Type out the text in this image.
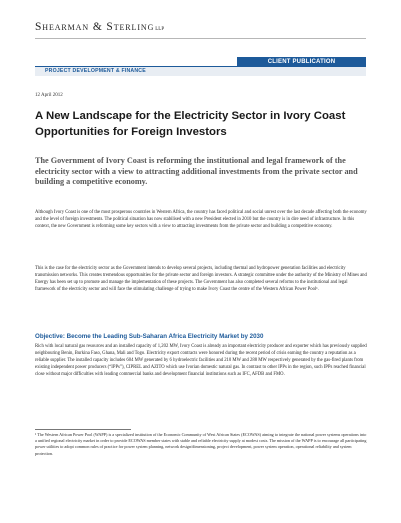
Shearman & SterlingLLP
CLIENT PUBLICATION
PROJECT DEVELOPMENT & FINANCE
12 April 2012
A New Landscape for the Electricity Sector in Ivory Coast Opportunities for Foreign Investors

The Government of Ivory Coast is reforming the institutional and legal framework of the electricity sector with a view to attracting additional investments from the private sector and building a competitive economy.

Although Ivory Coast is one of the most prosperous countries in Western Africa, the country has faced political and social unrest over the last decade affecting both the economy and the level of foreign investments. The political situation has now stabilised with a new President elected in 2010 but the country is in dire need of infrastructure. In this context, the new Government is reforming some key sectors with a view to attracting investments from the private sector and building a competitive economy.

This is the case for the electricity sector as the Government intends to develop several projects, including thermal and hydropower generation facilities and electricity transmission networks. This creates tremendous opportunities for the private sector and foreign investors. A strategic committee under the authority of the Ministry of Mines and Energy has been set up to promote and manage the implementation of these projects. The Government has also completed several reforms to the institutional and legal framework of the electricity sector and will face the stimulating challenge of trying to make Ivory Coast the centre of the Western African Power Pool¹.

Objective: Become the Leading Sub-Saharan Africa Electricity Market by 2030

Rich with local natural gas resources and an installed capacity of 1,202 MW, Ivory Coast is already an important electricity producer and exporter which has previously supplied neighbouring Benin, Burkina Faso, Ghana, Mali and Togo. Electricity export contracts were honored during the recent period of crisis earning the country a reputation as a reliable supplier. The installed capacity includes 604 MW generated by 6 hydroelectric facilities and 210 MW and 288 MW respectively generated by the gas-fired plants from existing independent power producers (“IPPs”), CIPREL and AZITO which use Ivorian domestic natural gas. In contrast to other IPPs in the region, such IPPs reached financial close without major difficulties with leading commercial banks and development financial institutions such as IFC, AFDB and FMO.

¹ The Western African Power Pool (WAPP) is a specialized institution of the Economic Community of West African States (ECOWAS) aiming to integrate the national power systems operations into a unified regional electricity market in order to provide ECOWAS member states with stable and reliable electricity supply at modest costs. The mission of the WAPP is to encourage all participating power utilities to adopt common rules of practice for power system planning, network design/dimensioning, project development, power system operation, operational reliability and system protection.
